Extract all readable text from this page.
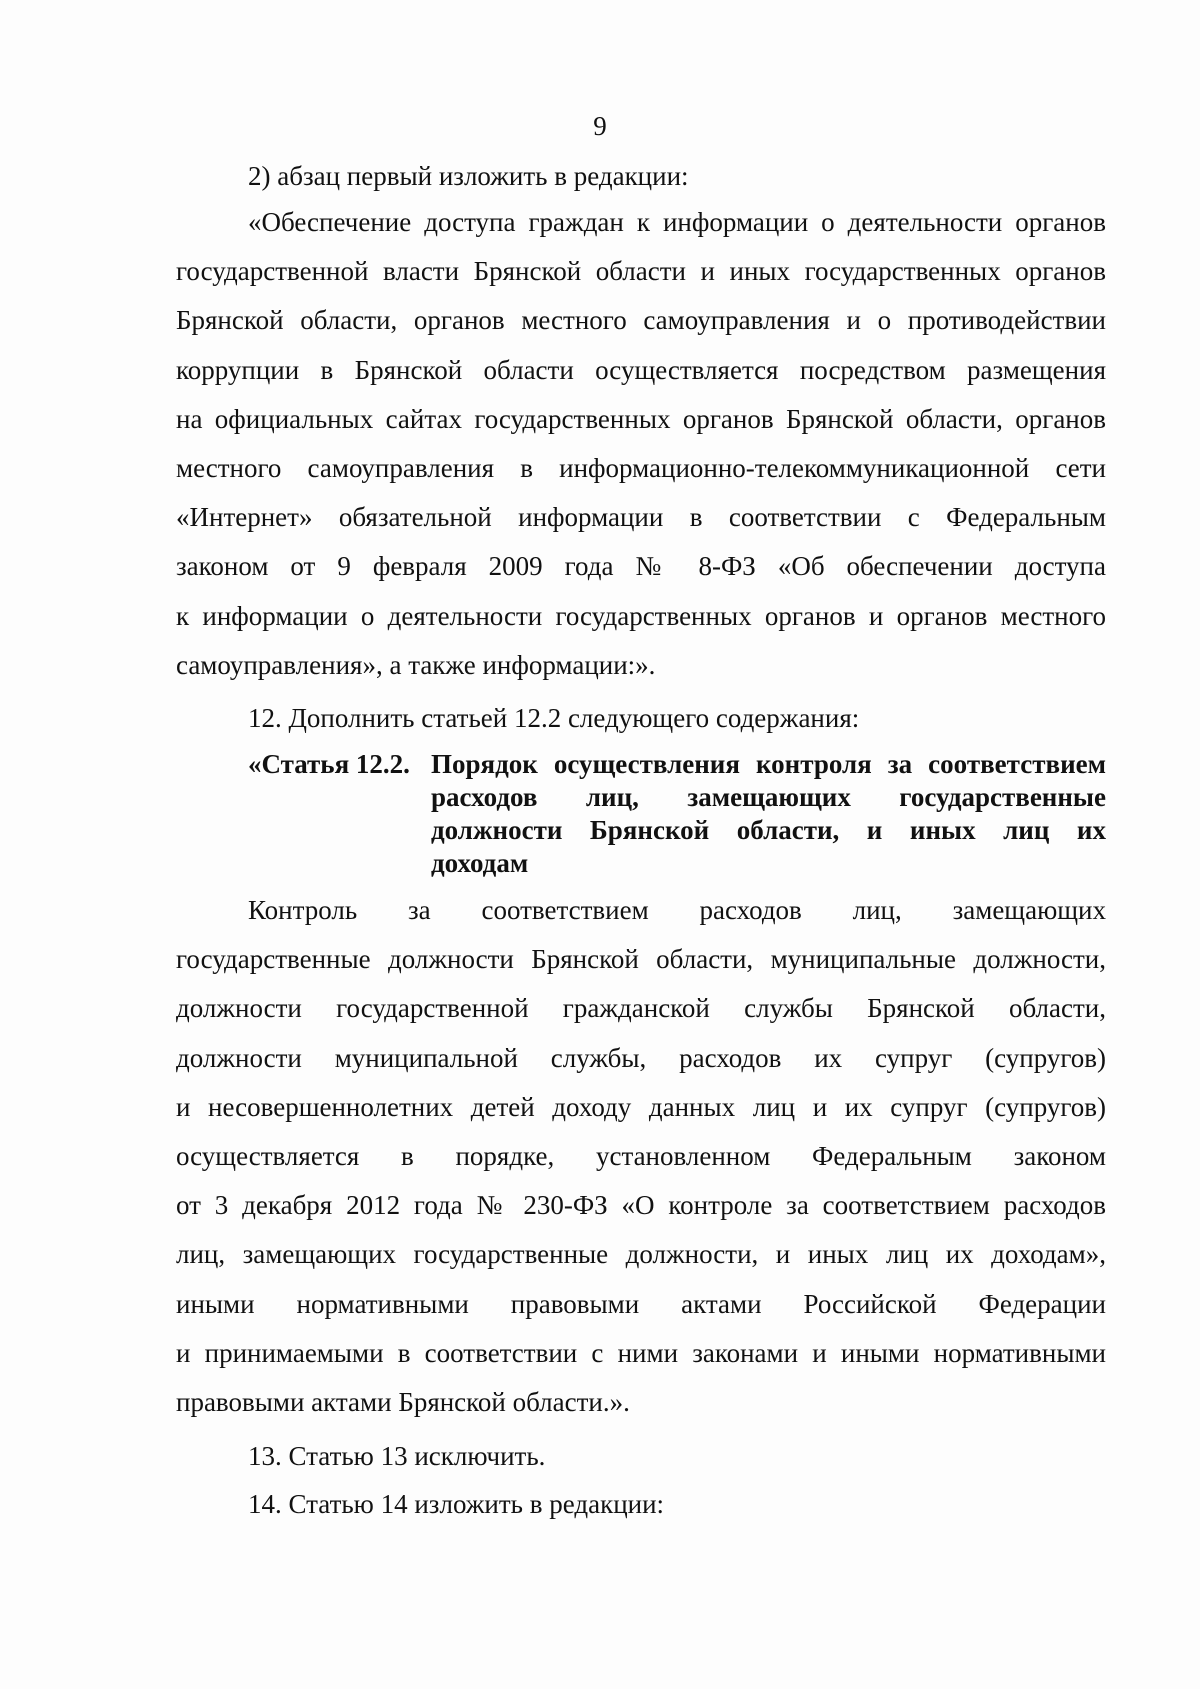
9
2) абзац первый изложить в редакции:
«Обеспечение доступа граждан к информации о деятельности органов
государственной власти Брянской области и иных государственных органов
Брянской области, органов местного самоуправления и о противодействии
коррупции в Брянской области осуществляется посредством размещения
на официальных сайтах государственных органов Брянской области, органов
местного самоуправления в информационно-телекоммуникационной сети
«Интернет» обязательной информации в соответствии с Федеральным
законом от 9 февраля 2009 года № 8-ФЗ «Об обеспечении доступа
к информации о деятельности государственных органов и органов местного
самоуправления», а также информации:».
12. Дополнить статьей 12.2 следующего содержания:
«Статья 12.2. Порядок осуществления контроля за соответствием
расходов лиц, замещающих государственные
должности Брянской области, и иных лиц их
доходам
Контроль за соответствием расходов лиц, замещающих
государственные должности Брянской области, муниципальные должности,
должности государственной гражданской службы Брянской области,
должности муниципальной службы, расходов их супруг (супругов)
и несовершеннолетних детей доходу данных лиц и их супруг (супругов)
осуществляется в порядке, установленном Федеральным законом
от 3 декабря 2012 года № 230-ФЗ «О контроле за соответствием расходов
лиц, замещающих государственные должности, и иных лиц их доходам»,
иными нормативными правовыми актами Российской Федерации
и принимаемыми в соответствии с ними законами и иными нормативными
правовыми актами Брянской области.».
13. Статью 13 исключить.
14. Статью 14 изложить в редакции:
